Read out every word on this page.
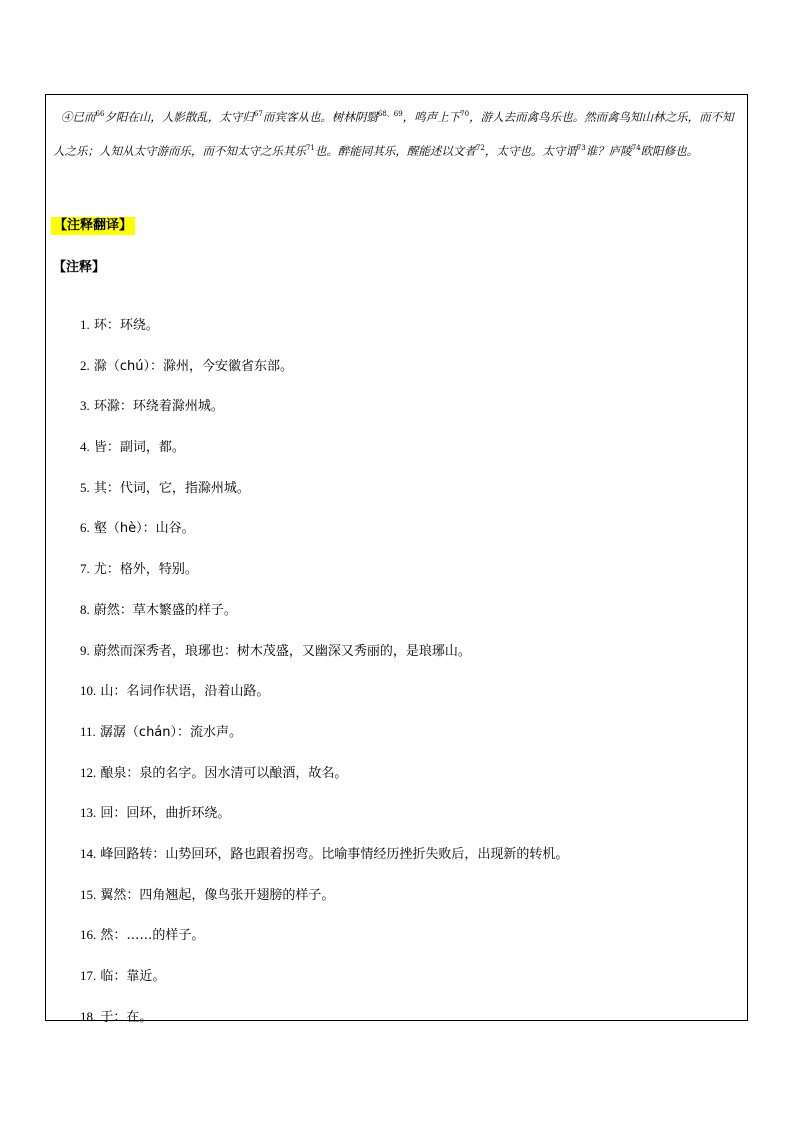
④已而$^{66}$夕阳在山，人影散乱，太守归$^{67}$而宾客从也。树林阴翳$^{68、69}$，鸣声上下$^{70}$，游人去而禽鸟乐也。然而禽鸟知山林之乐，而不知人之乐；人知从太守游而乐，而不知太守之乐其乐$^{71}$也。醉能同其乐，醒能述以文者$^{72}$，太守也。太守谓$^{73}$谁？庐陵$^{74}$欧阳修也。

【注释翻译】
【注释】
1. 环：环绕。
2. 滁（chú）：滁州，今安徽省东部。
3. 环滁：环绕着滁州城。
4. 皆：副词，都。
5. 其：代词，它，指滁州城。
6. 壑（hè）：山谷。
7. 尤：格外，特别。
8. 蔚然：草木繁盛的样子。
9. 蔚然而深秀者，琅琊也：树木茂盛，又幽深又秀丽的，是琅琊山。
10. 山：名词作状语，沿着山路。
11. 潺潺（chán）：流水声。
12. 酿泉：泉的名字。因水清可以酿酒，故名。
13. 回：回环，曲折环绕。
14. 峰回路转：山势回环，路也跟着拐弯。比喻事情经历挫折失败后，出现新的转机。
15. 翼然：四角翘起，像鸟张开翅膀的样子。
16. 然：……的样子。
17. 临：靠近。
18. 于：在。
